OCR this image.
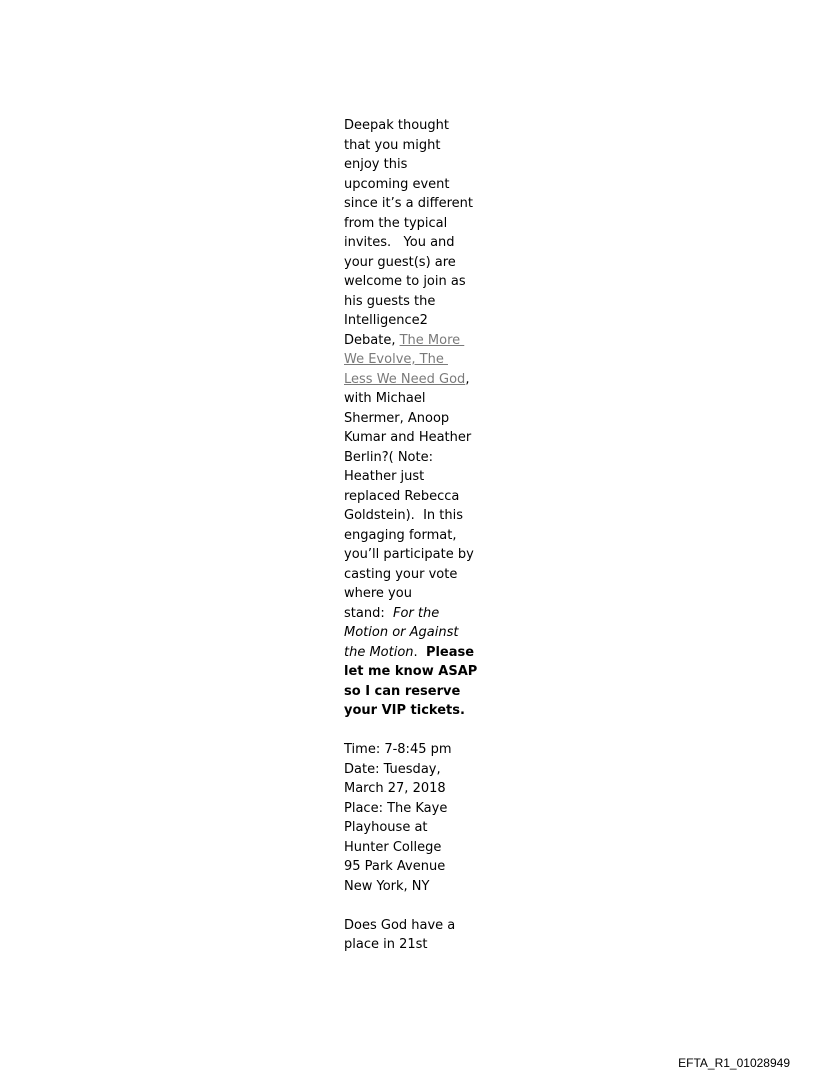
Deepak thought
that you might
enjoy this
upcoming event
since it’s a different
from the typical
invites.   You and
your guest(s) are
welcome to join as
his guests the
Intelligence2
Debate, The More
We Evolve, The
Less We Need God,
with Michael
Shermer, Anoop
Kumar and Heather
Berlin?( Note:
Heather just
replaced Rebecca
Goldstein).  In this
engaging format,
you’ll participate by
casting your vote
where you
stand:  For the
Motion or Against
the Motion.  Please
let me know ASAP
so I can reserve
your VIP tickets.

Time: 7-8:45 pm
Date: Tuesday,
March 27, 2018
Place: The Kaye
Playhouse at
Hunter College
95 Park Avenue
New York, NY

Does God have a
place in 21st

EFTA_R1_01028949
